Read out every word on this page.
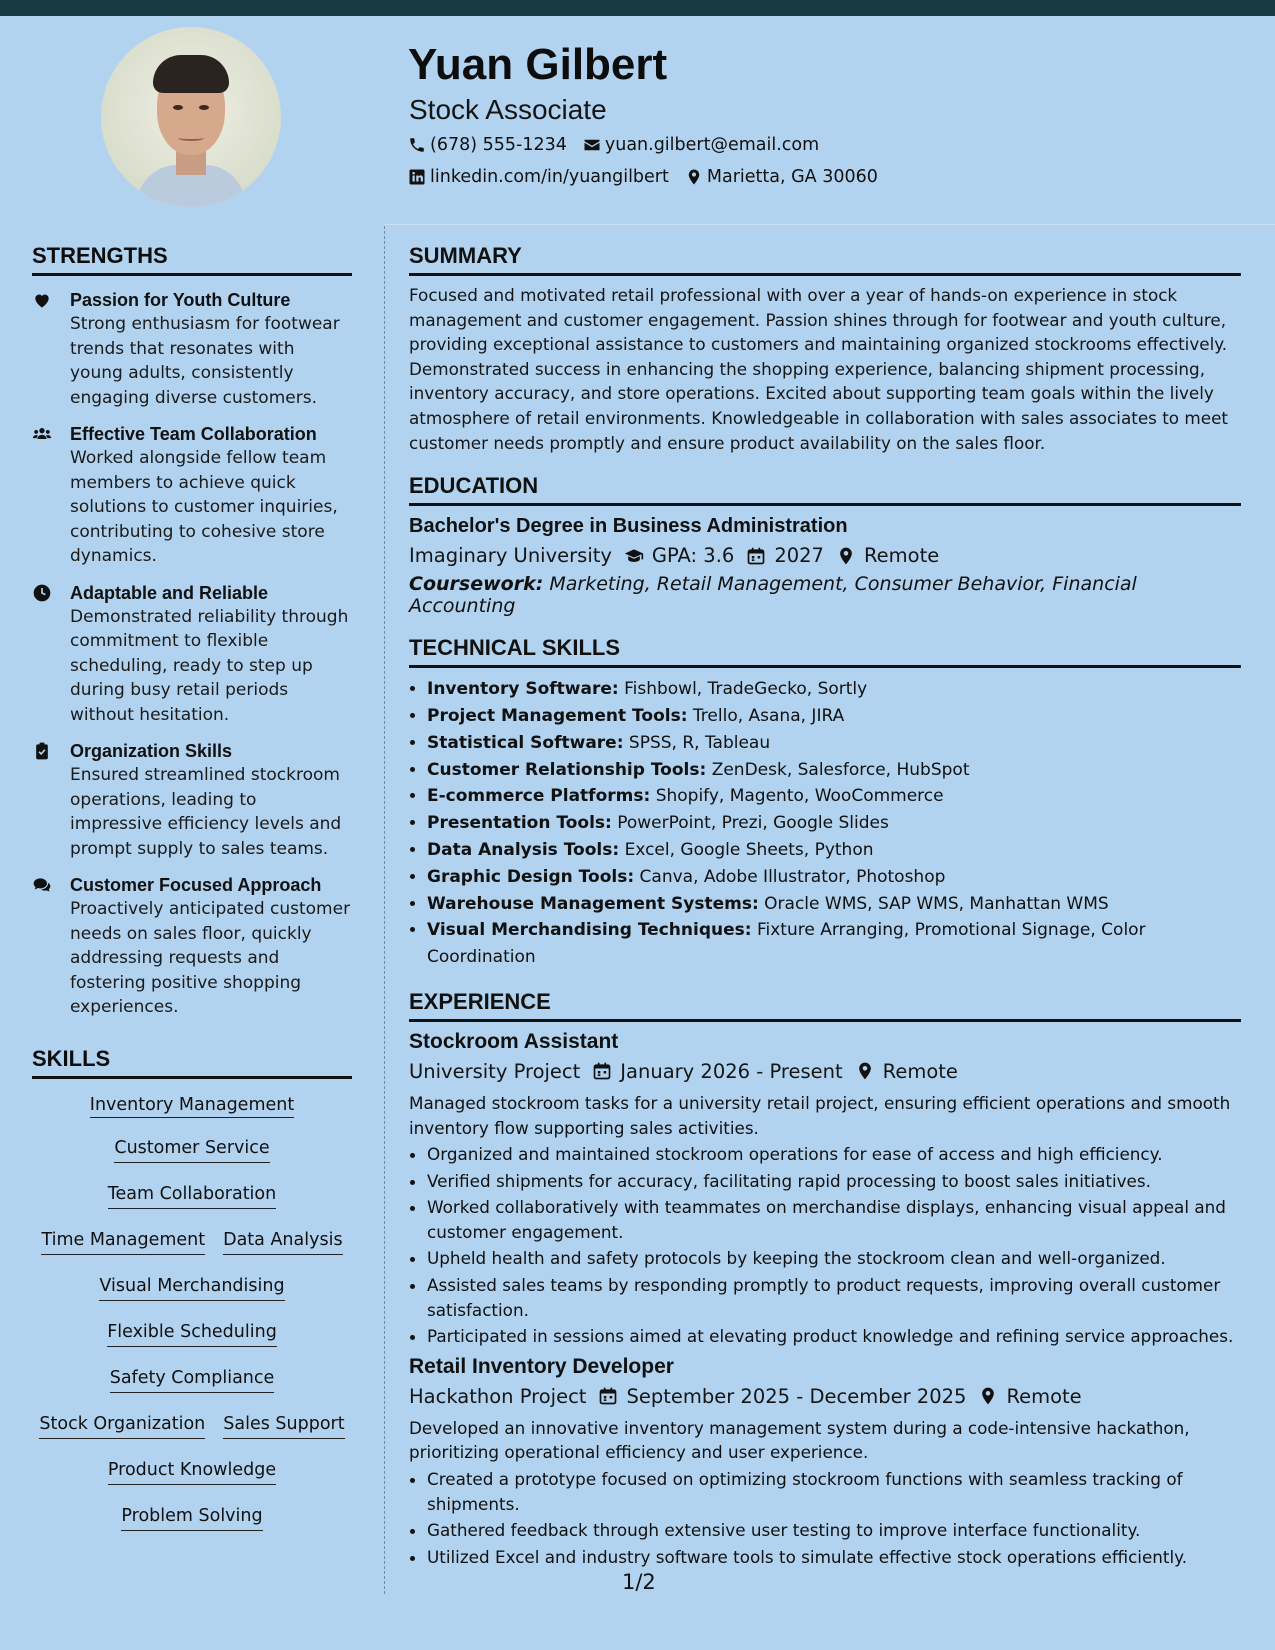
Yuan Gilbert
Stock Associate
(678) 555-1234 yuan.gilbert@email.com
linkedin.com/in/yuangilbert Marietta, GA 30060
STRENGTHS
Passion for Youth Culture
Strong enthusiasm for footwear trends that resonates with young adults, consistently engaging diverse customers.
Effective Team Collaboration
Worked alongside fellow team members to achieve quick solutions to customer inquiries, contributing to cohesive store dynamics.
Adaptable and Reliable
Demonstrated reliability through commitment to flexible scheduling, ready to step up during busy retail periods without hesitation.
Organization Skills
Ensured streamlined stockroom operations, leading to impressive efficiency levels and prompt supply to sales teams.
Customer Focused Approach
Proactively anticipated customer needs on sales floor, quickly addressing requests and fostering positive shopping experiences.
SKILLS
Inventory Management
Customer Service
Team Collaboration
Time Management Data Analysis
Visual Merchandising
Flexible Scheduling
Safety Compliance
Stock Organization Sales Support
Product Knowledge
Problem Solving
SUMMARY

Focused and motivated retail professional with over a year of hands-on experience in stock management and customer engagement. Passion shines through for footwear and youth culture, providing exceptional assistance to customers and maintaining organized stockrooms effectively. Demonstrated success in enhancing the shopping experience, balancing shipment processing, inventory accuracy, and store operations. Excited about supporting team goals within the lively atmosphere of retail environments. Knowledgeable in collaboration with sales associates to meet customer needs promptly and ensure product availability on the sales floor.

EDUCATION
Bachelor's Degree in Business Administration
Imaginary University GPA: 3.6 2027 Remote
Coursework: Marketing, Retail Management, Consumer Behavior, Financial Accounting
TECHNICAL SKILLS
• Inventory Software: Fishbowl, TradeGecko, Sortly
• Project Management Tools: Trello, Asana, JIRA
• Statistical Software: SPSS, R, Tableau
• Customer Relationship Tools: ZenDesk, Salesforce, HubSpot
• E-commerce Platforms: Shopify, Magento, WooCommerce
• Presentation Tools: PowerPoint, Prezi, Google Slides
• Data Analysis Tools: Excel, Google Sheets, Python
• Graphic Design Tools: Canva, Adobe Illustrator, Photoshop
• Warehouse Management Systems: Oracle WMS, SAP WMS, Manhattan WMS
• Visual Merchandising Techniques: Fixture Arranging, Promotional Signage, Color Coordination
EXPERIENCE
Stockroom Assistant
University Project January 2026 - Present Remote

Managed stockroom tasks for a university retail project, ensuring efficient operations and smooth inventory flow supporting sales activities.

• Organized and maintained stockroom operations for ease of access and high efficiency.
• Verified shipments for accuracy, facilitating rapid processing to boost sales initiatives.
• Worked collaboratively with teammates on merchandise displays, enhancing visual appeal and customer engagement.
• Upheld health and safety protocols by keeping the stockroom clean and well-organized.
• Assisted sales teams by responding promptly to product requests, improving overall customer satisfaction.
• Participated in sessions aimed at elevating product knowledge and refining service approaches.
Retail Inventory Developer
Hackathon Project September 2025 - December 2025 Remote

Developed an innovative inventory management system during a code-intensive hackathon, prioritizing operational efficiency and user experience.

• Created a prototype focused on optimizing stockroom functions with seamless tracking of shipments.
• Gathered feedback through extensive user testing to improve interface functionality.
• Utilized Excel and industry software tools to simulate effective stock operations efficiently.
1/2
